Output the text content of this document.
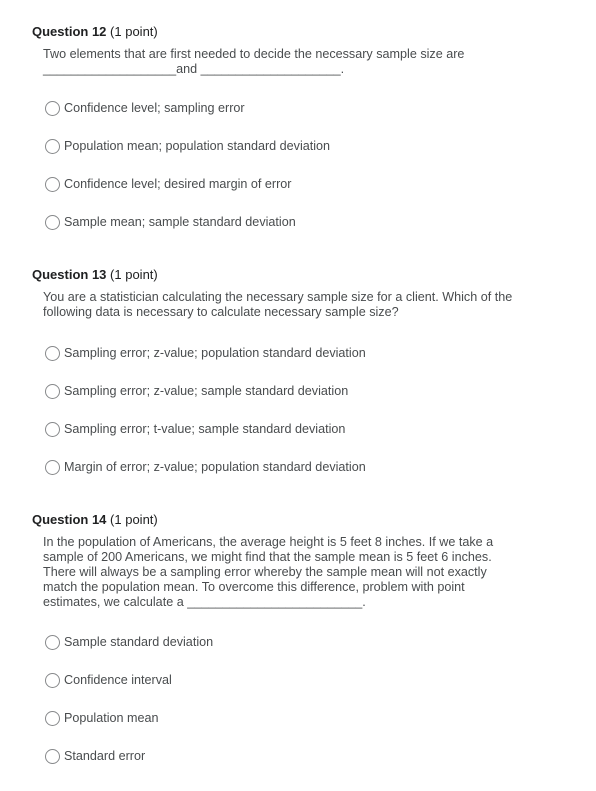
Question 12 (1 point)

Two elements that are first needed to decide the necessary sample size are
___________________and ____________________.
Confidence level; sampling error
Population mean; population standard deviation
Confidence level; desired margin of error
Sample mean; sample standard deviation

Question 13 (1 point)

You are a statistician calculating the necessary sample size for a client. Which of the
following data is necessary to calculate necessary sample size?
Sampling error; z-value; population standard deviation
Sampling error; z-value; sample standard deviation
Sampling error; t-value; sample standard deviation
Margin of error; z-value; population standard deviation

Question 14 (1 point)

In the population of Americans, the average height is 5 feet 8 inches. If we take a
sample of 200 Americans, we might find that the sample mean is 5 feet 6 inches.
There will always be a sampling error whereby the sample mean will not exactly
match the population mean. To overcome this difference, problem with point
estimates, we calculate a _________________________.
Sample standard deviation
Confidence interval
Population mean
Standard error
